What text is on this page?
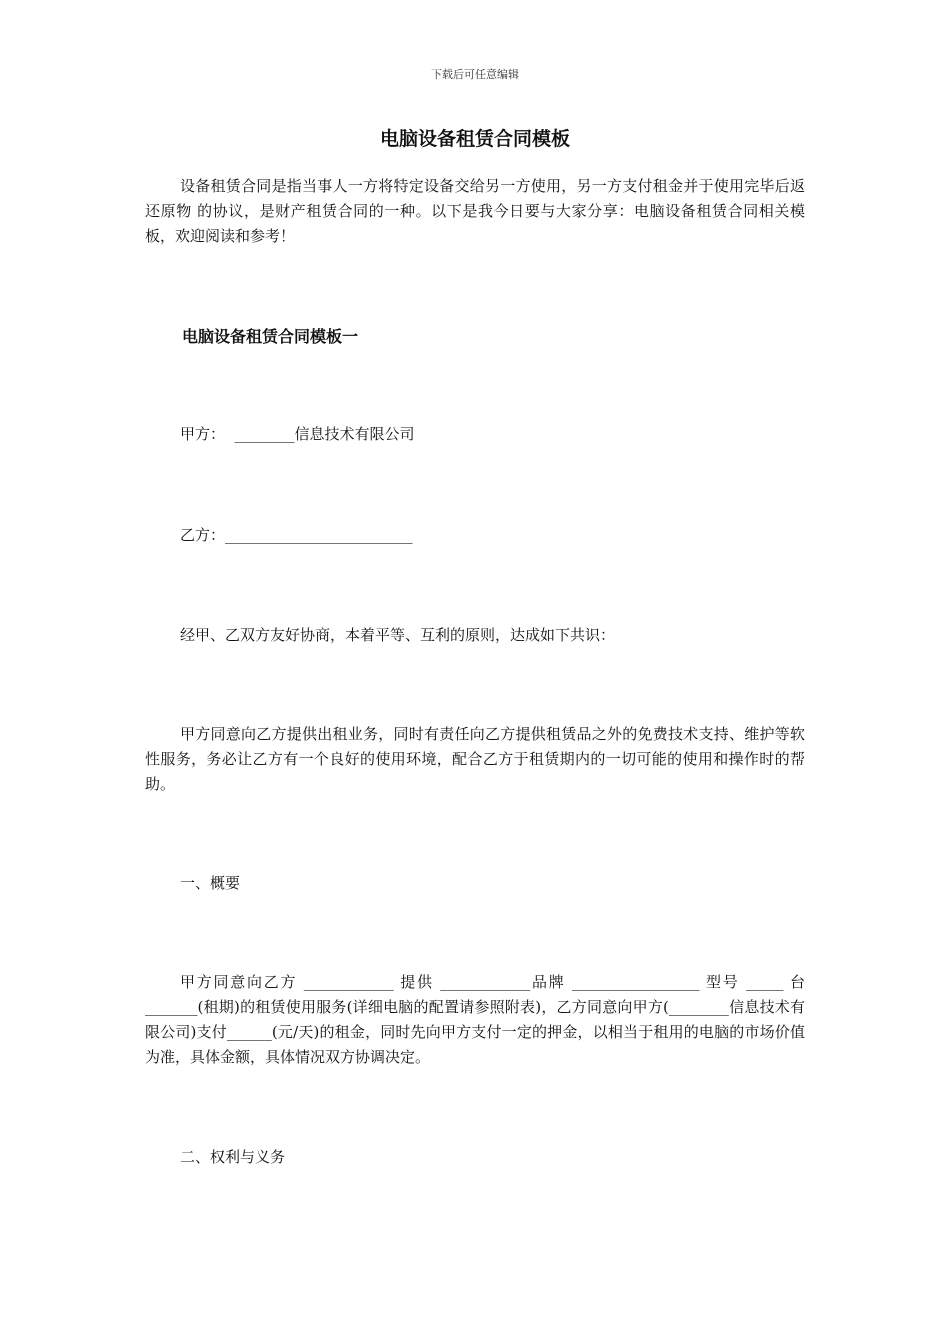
下载后可任意编辑
电脑设备租赁合同模板

设备租赁合同是指当事人一方将特定设备交给另一方使用，另一方支付租金并于使用完毕后返还原物 的协议，是财产租赁合同的一种。以下是我今日要与大家分享：电脑设备租赁合同相关模板，欢迎阅读和参考！

电脑设备租赁合同模板一

甲方：  ________信息技术有限公司

乙方：_________________________

经甲、乙双方友好协商，本着平等、互利的原则，达成如下共识：

甲方同意向乙方提供出租业务，同时有责任向乙方提供租赁品之外的免费技术支持、维护等软性服务，务必让乙方有一个良好的使用环境，配合乙方于租赁期内的一切可能的使用和操作时的帮助。

一、概要

甲方同意向乙方 ____________ 提供 ____________品牌 _________________ 型号 _____ 台 _______(租期)的租赁使用服务(详细电脑的配置请参照附表)，乙方同意向甲方(________信息技术有限公司)支付______(元/天)的租金，同时先向甲方支付一定的押金，以相当于租用的电脑的市场价值为准，具体金额，具体情况双方协调决定。

二、权利与义务
